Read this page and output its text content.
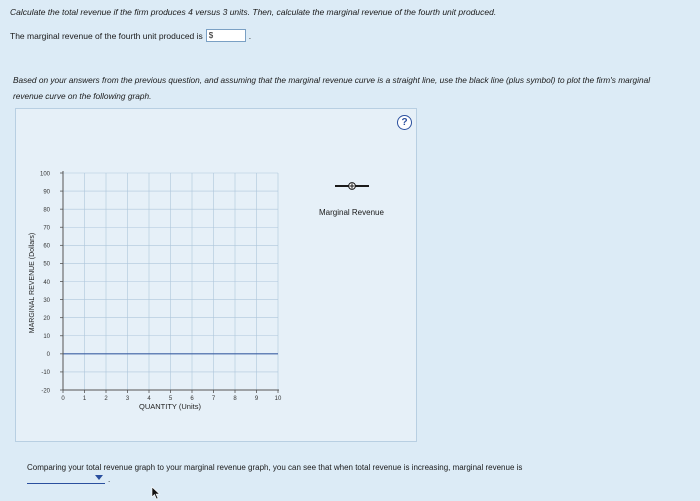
Calculate the total revenue if the firm produces 4 versus 3 units. Then, calculate the marginal revenue of the fourth unit produced.
The marginal revenue of the fourth unit produced is $	.
Based on your answers from the previous question, and assuming that the marginal revenue curve is a straight line, use the black line (plus symbol) to plot the firm's marginal revenue curve on the following graph.
?
100
90
80
70
60
50
40
30
20
10
0
-10
-20
0	1	2	3	4	5	6	7	8	9	10
MARGINAL REVENUE (Dollars)
QUANTITY (Units)
Marginal Revenue
Comparing your total revenue graph to your marginal revenue graph, you can see that when total revenue is increasing, marginal revenue is
.
